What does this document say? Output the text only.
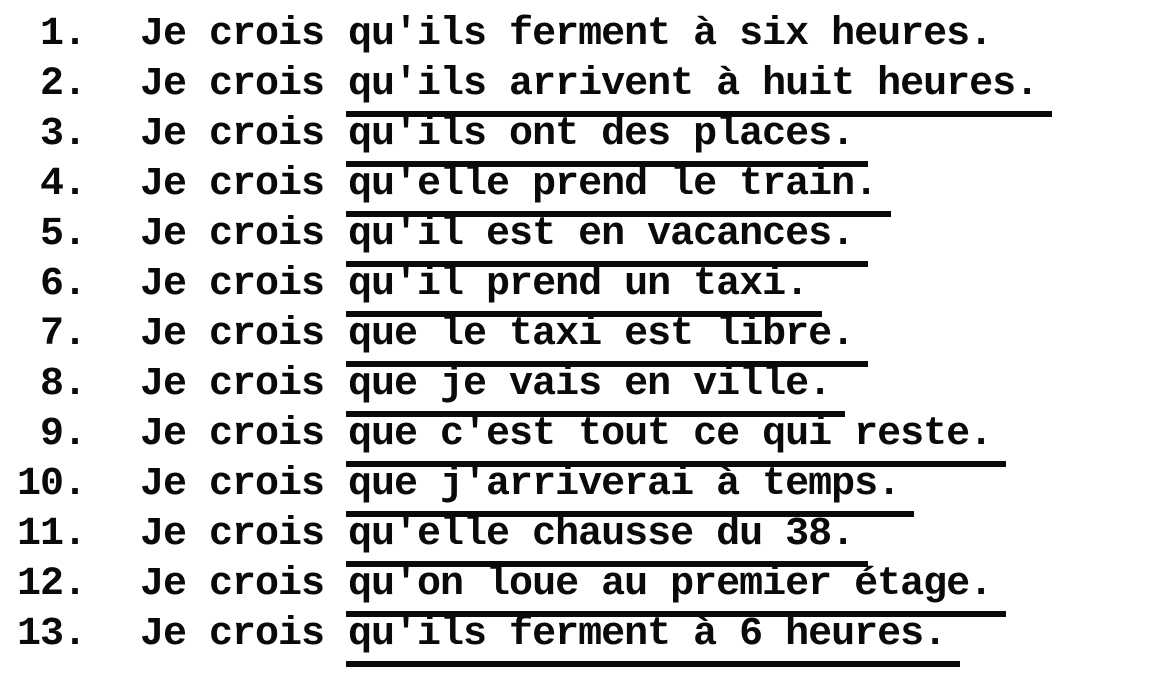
1. Je crois qu'ils ferment à six heures.
2. Je crois qu'ils arrivent à huit heures.
3. Je crois qu'ils ont des places.
4. Je crois qu'elle prend le train.
5. Je crois qu'il est en vacances.
6. Je crois qu'il prend un taxi.
7. Je crois que le taxi est libre.
8. Je crois que je vais en ville.
9. Je crois que c'est tout ce qui reste.
10. Je crois que j'arriverai à temps.
11. Je crois qu'elle chausse du 38.
12. Je crois qu'on loue au premier étage.
13. Je crois qu'ils ferment à 6 heures.
